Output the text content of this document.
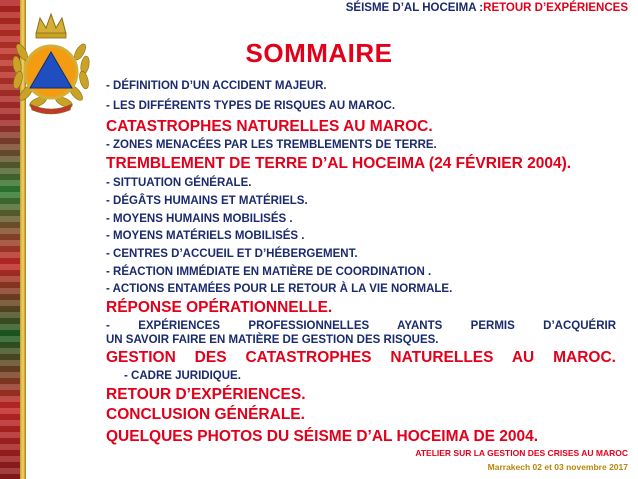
SÉISME D’AL HOCEIMA :RETOUR D’EXPÉRIENCES
SOMMAIRE
- DÉFINITION D’UN ACCIDENT MAJEUR.
- LES DIFFÉRENTS TYPES DE RISQUES AU MAROC.
CATASTROPHES NATURELLES AU MAROC.
- ZONES MENACÉES PAR LES TREMBLEMENTS DE TERRE.
TREMBLEMENT DE TERRE D’AL HOCEIMA (24 FÉVRIER 2004).
- SITTUATION GÉNÉRALE.
- DÉGÂTS HUMAINS ET MATÉRIELS.
- MOYENS HUMAINS MOBILISÉS .
- MOYENS MATÉRIELS MOBILISÉS .
- CENTRES D’ACCUEIL ET D’HÉBERGEMENT.
- RÉACTION IMMÉDIATE EN MATIÈRE DE COORDINATION .
- ACTIONS ENTAMÉES POUR LE RETOUR À LA VIE NORMALE.
RÉPONSE OPÉRATIONNELLE.
- EXPÉRIENCES PROFESSIONNELLES AYANTS PERMIS D’ACQUÉRIR
UN SAVOIR FAIRE EN MATIÈRE DE GESTION DES RISQUES.
GESTION DES CATASTROPHES NATURELLES AU MAROC.
- CADRE JURIDIQUE.
RETOUR D’EXPÉRIENCES.
CONCLUSION GÉNÉRALE.
QUELQUES PHOTOS DU SÉISME D’AL HOCEIMA DE 2004.
ATELIER SUR LA GESTION DES CRISES AU MAROC
Marrakech 02 et 03 novembre 2017
